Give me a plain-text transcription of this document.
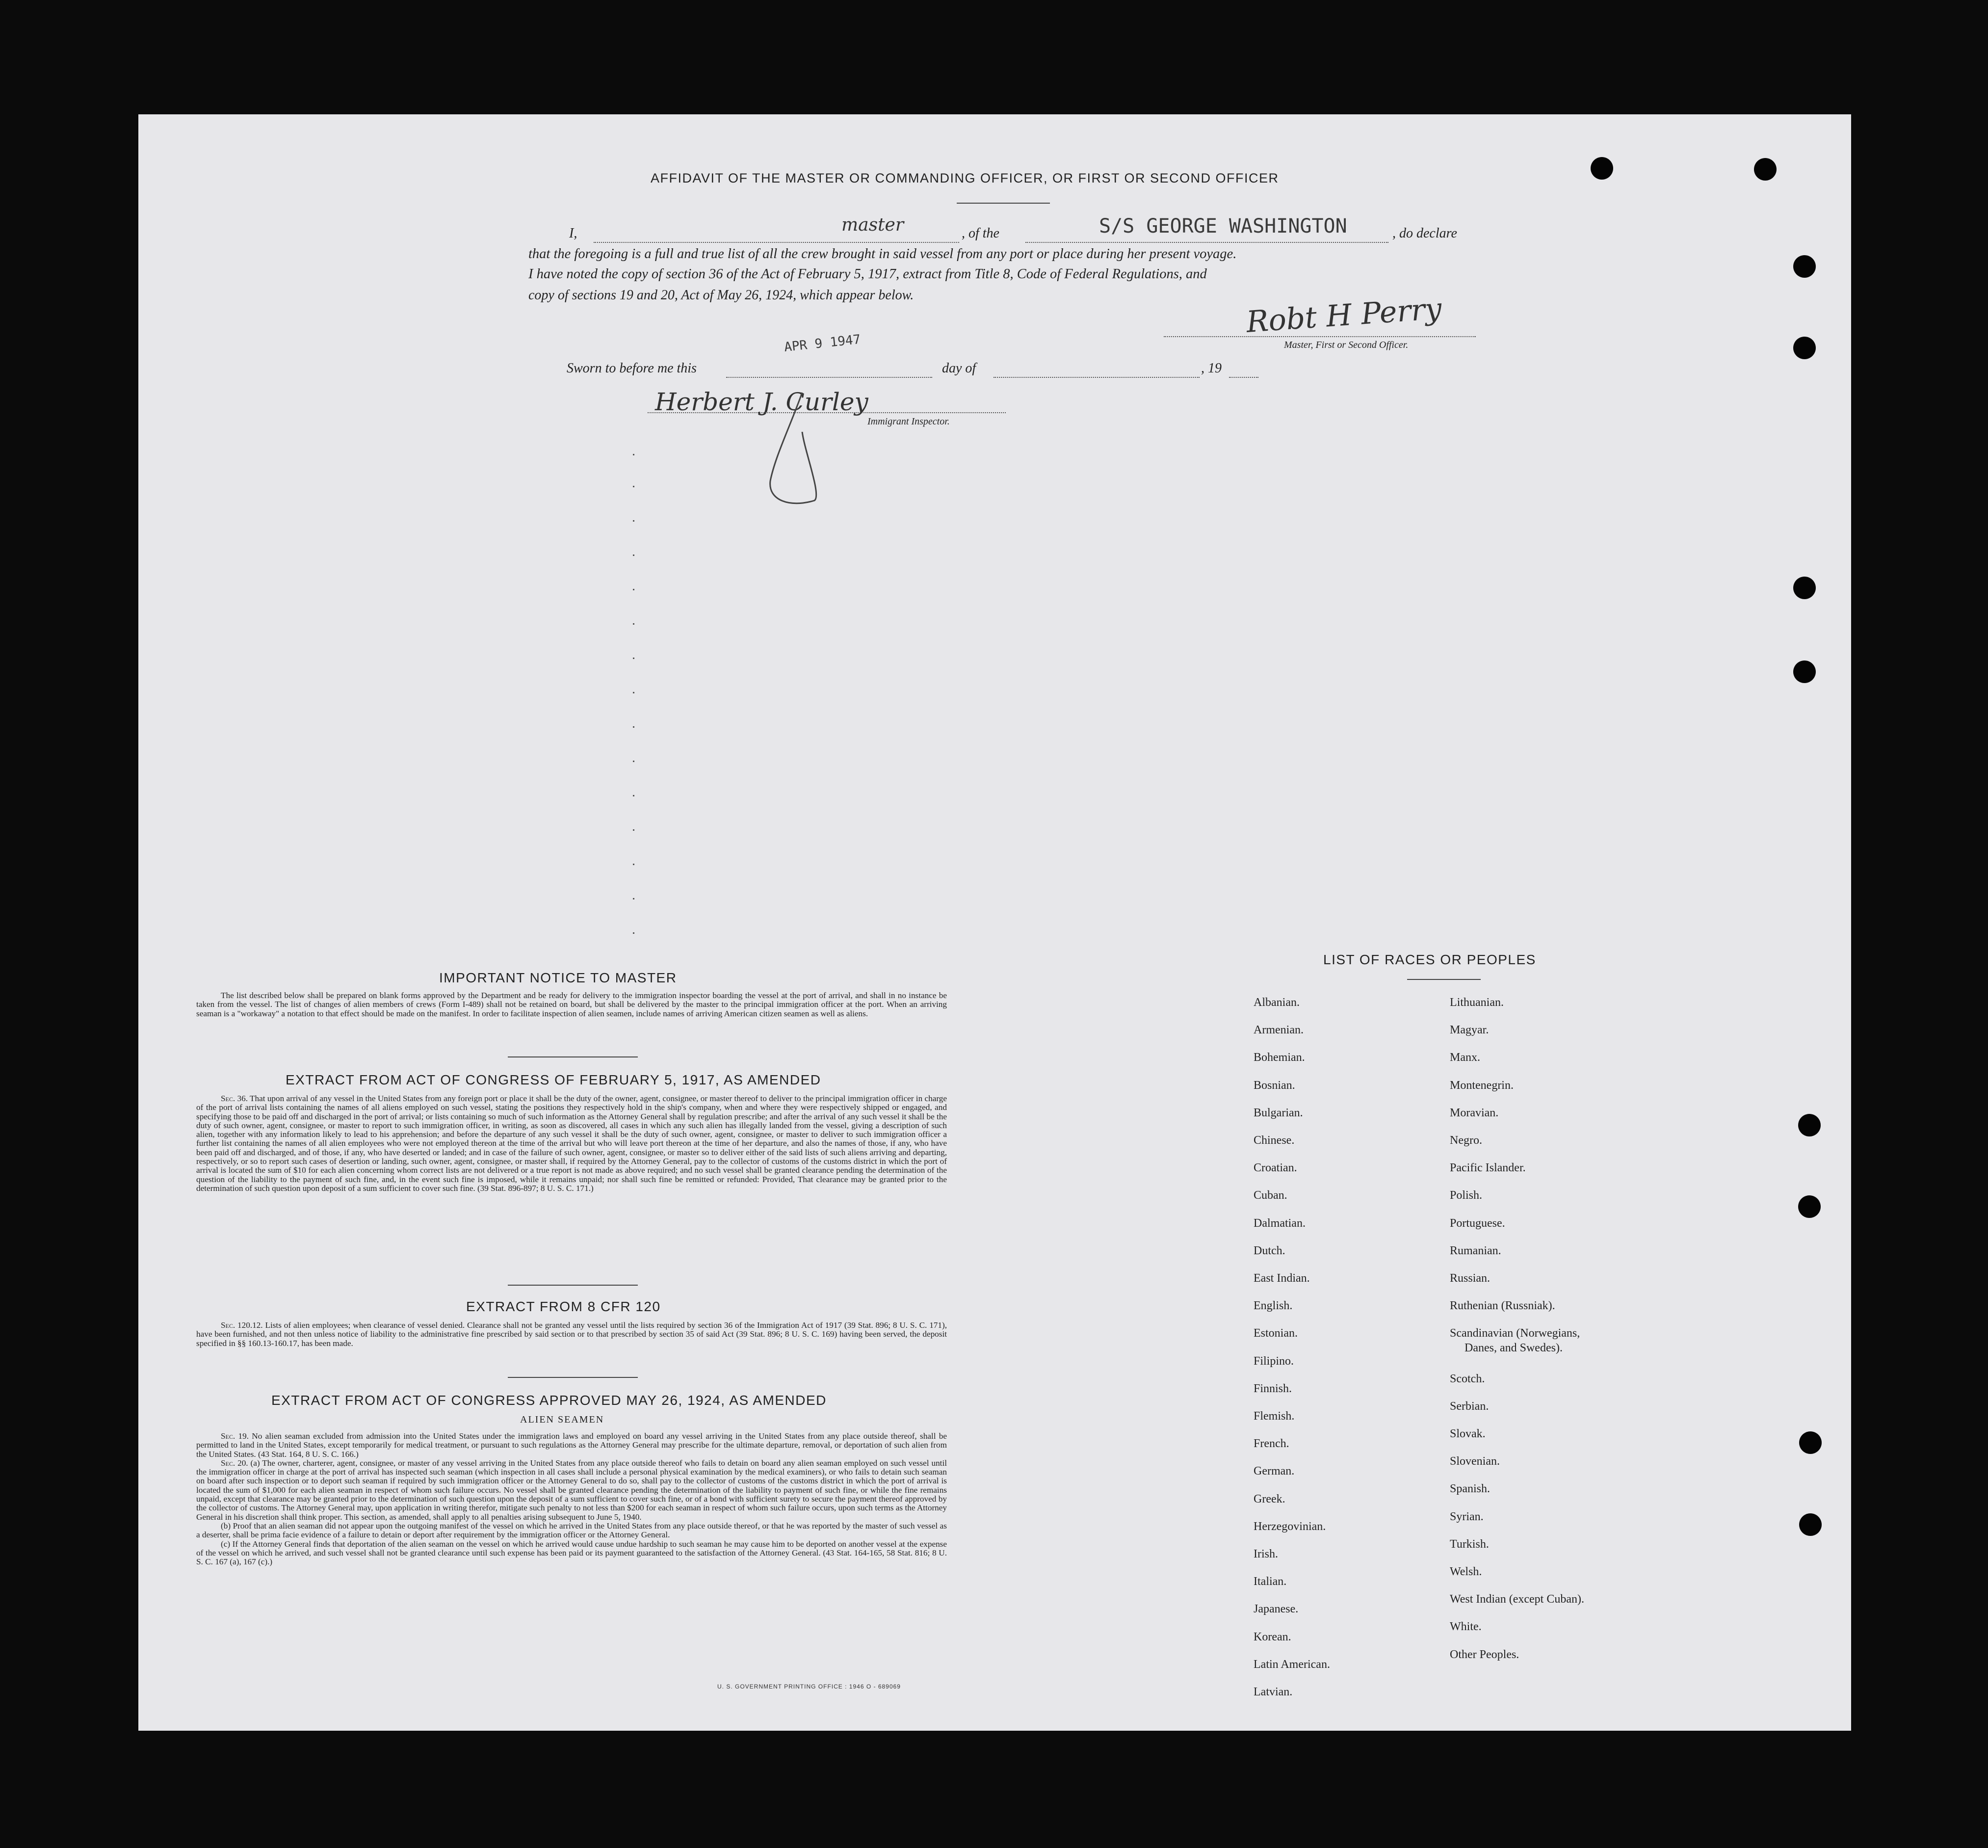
AFFIDAVIT OF THE MASTER OR COMMANDING OFFICER, OR FIRST OR SECOND OFFICER
I,	master	, of the	S/S GEORGE WASHINGTON	, do declare
that the foregoing is a full and true list of all the crew brought in said vessel from any port or place during her present voyage.
I have noted the copy of section 36 of the Act of February 5, 1917, extract from Title 8, Code of Federal Regulations, and
copy of sections 19 and 20, Act of May 26, 1924, which appear below.	Robt H Perry
Master, First or Second Officer.
Sworn to before me this
APR 9 1947
day of	, 19
Herbert J. Curley
Immigrant Inspector.
IMPORTANT NOTICE TO MASTER

The list described below shall be prepared on blank forms approved by the Department and be ready for delivery to the immigration inspector boarding the vessel at the port of arrival, and shall in no instance be taken from the vessel. The list of changes of alien members of crews (Form I-489) shall not be retained on board, but shall be delivered by the master to the principal immigration officer at the port. When an arriving seaman is a "workaway" a notation to that effect should be made on the manifest. In order to facilitate inspection of alien seamen, include names of arriving American citizen seamen as well as aliens.

EXTRACT FROM ACT OF CONGRESS OF FEBRUARY 5, 1917, AS AMENDED

Sec. 36. That upon arrival of any vessel in the United States from any foreign port or place it shall be the duty of the owner, agent, consignee, or master thereof to deliver to the principal immigration officer in charge of the port of arrival lists containing the names of all aliens employed on such vessel, stating the positions they respectively hold in the ship's company, when and where they were respectively shipped or engaged, and specifying those to be paid off and discharged in the port of arrival; or lists containing so much of such information as the Attorney General shall by regulation prescribe; and after the arrival of any such vessel it shall be the duty of such owner, agent, consignee, or master to report to such immigration officer, in writing, as soon as discovered, all cases in which any such alien has illegally landed from the vessel, giving a description of such alien, together with any information likely to lead to his apprehension; and before the departure of any such vessel it shall be the duty of such owner, agent, consignee, or master to deliver to such immigration officer a further list containing the names of all alien employees who were not employed thereon at the time of the arrival but who will leave port thereon at the time of her departure, and also the names of those, if any, who have been paid off and discharged, and of those, if any, who have deserted or landed; and in case of the failure of such owner, agent, consignee, or master so to deliver either of the said lists of such aliens arriving and departing, respectively, or so to report such cases of desertion or landing, such owner, agent, consignee, or master shall, if required by the Attorney General, pay to the collector of customs of the customs district in which the port of arrival is located the sum of $10 for each alien concerning whom correct lists are not delivered or a true report is not made as above required; and no such vessel shall be granted clearance pending the determination of the question of the liability to the payment of such fine, and, in the event such fine is imposed, while it remains unpaid; nor shall such fine be remitted or refunded: Provided, That clearance may be granted prior to the determination of such question upon deposit of a sum sufficient to cover such fine. (39 Stat. 896-897; 8 U. S. C. 171.)

EXTRACT FROM 8 CFR 120

Sec. 120.12. Lists of alien employees; when clearance of vessel denied. Clearance shall not be granted any vessel until the lists required by section 36 of the Immigration Act of 1917 (39 Stat. 896; 8 U. S. C. 171), have been furnished, and not then unless notice of liability to the administrative fine prescribed by said section or to that prescribed by section 35 of said Act (39 Stat. 896; 8 U. S. C. 169) having been served, the deposit specified in §§ 160.13-160.17, has been made.

EXTRACT FROM ACT OF CONGRESS APPROVED MAY 26, 1924, AS AMENDED
ALIEN SEAMEN

Sec. 19. No alien seaman excluded from admission into the United States under the immigration laws and employed on board any vessel arriving in the United States from any place outside thereof, shall be permitted to land in the United States, except temporarily for medical treatment, or pursuant to such regulations as the Attorney General may prescribe for the ultimate departure, removal, or deportation of such alien from the United States. (43 Stat. 164, 8 U. S. C. 166.)

Sec. 20. (a) The owner, charterer, agent, consignee, or master of any vessel arriving in the United States from any place outside thereof who fails to detain on board any alien seaman employed on such vessel until the immigration officer in charge at the port of arrival has inspected such seaman (which inspection in all cases shall include a personal physical examination by the medical examiners), or who fails to detain such seaman on board after such inspection or to deport such seaman if required by such immigration officer or the Attorney General to do so, shall pay to the collector of customs of the customs district in which the port of arrival is located the sum of $1,000 for each alien seaman in respect of whom such failure occurs. No vessel shall be granted clearance pending the determination of the liability to payment of such fine, or while the fine remains unpaid, except that clearance may be granted prior to the determination of such question upon the deposit of a sum sufficient to cover such fine, or of a bond with sufficient surety to secure the payment thereof approved by the collector of customs. The Attorney General may, upon application in writing therefor, mitigate such penalty to not less than $200 for each seaman in respect of whom such failure occurs, upon such terms as the Attorney General in his discretion shall think proper. This section, as amended, shall apply to all penalties arising subsequent to June 5, 1940.

(b) Proof that an alien seaman did not appear upon the outgoing manifest of the vessel on which he arrived in the United States from any place outside thereof, or that he was reported by the master of such vessel as a deserter, shall be prima facie evidence of a failure to detain or deport after requirement by the immigration officer or the Attorney General.

(c) If the Attorney General finds that deportation of the alien seaman on the vessel on which he arrived would cause undue hardship to such seaman he may cause him to be deported on another vessel at the expense of the vessel on which he arrived, and such vessel shall not be granted clearance until such expense has been paid or its payment guaranteed to the satisfaction of the Attorney General. (43 Stat. 164-165, 58 Stat. 816; 8 U. S. C. 167 (a), 167 (c).)

U. S. GOVERNMENT PRINTING OFFICE : 1946 O - 689069
LIST OF RACES OR PEOPLES
Albanian.
Armenian.
Bohemian.
Bosnian.
Bulgarian.
Chinese.
Croatian.
Cuban.
Dalmatian.
Dutch.
East Indian.
English.
Estonian.
Filipino.
Finnish.
Flemish.
French.
German.
Greek.
Herzegovinian.
Irish.
Italian.
Japanese.
Korean.
Latin American.
Latvian.
Lithuanian.
Magyar.
Manx.
Montenegrin.
Moravian.
Negro.
Pacific Islander.
Polish.
Portuguese.
Rumanian.
Russian.
Ruthenian (Russniak).
Scandinavian (Norwegians,
Danes, and Swedes).
Scotch.
Serbian.
Slovak.
Slovenian.
Spanish.
Syrian.
Turkish.
Welsh.
West Indian (except Cuban).
White.
Other Peoples.
